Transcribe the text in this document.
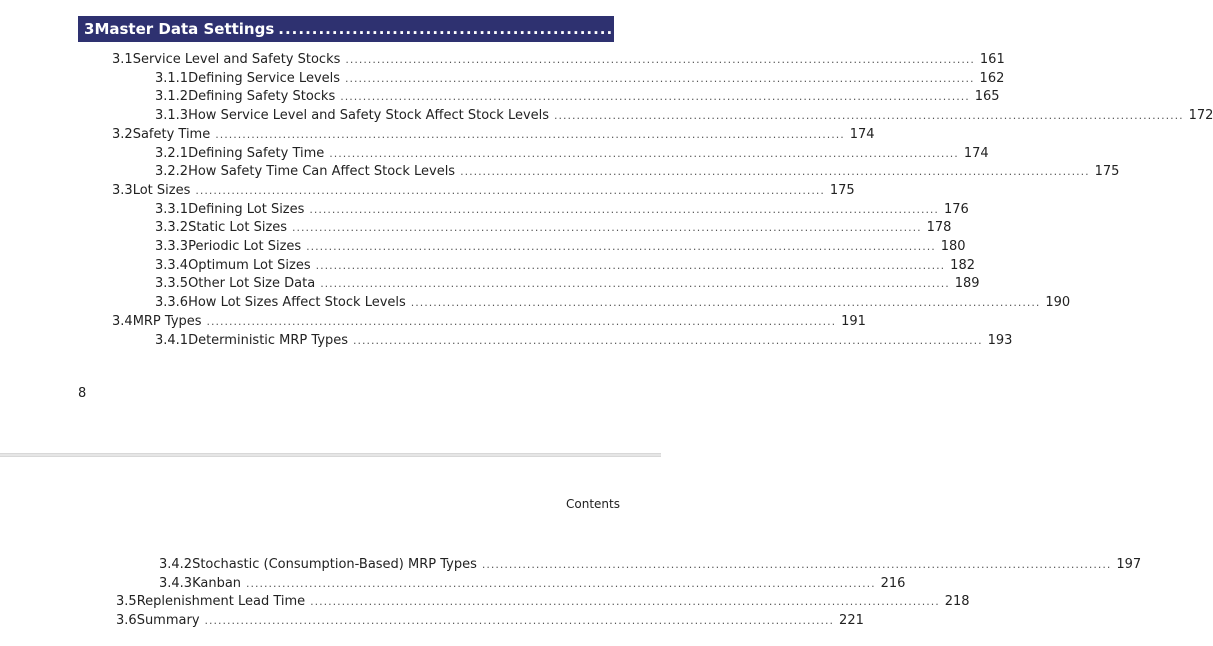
3 Master Data Settings .............................................................................................. 161
3.1 Service Level and Safety Stocks ............................................................................................................................................ 161
3.1.1 Defining Service Levels ............................................................................................................................................ 162
3.1.2 Defining Safety Stocks ............................................................................................................................................ 165
3.1.3 How Service Level and Safety Stock Affect Stock Levels ............................................................................................................................................ 172
3.2 Safety Time ............................................................................................................................................ 174
3.2.1 Defining Safety Time ............................................................................................................................................ 174
3.2.2 How Safety Time Can Affect Stock Levels ............................................................................................................................................ 175
3.3 Lot Sizes ............................................................................................................................................ 175
3.3.1 Defining Lot Sizes ............................................................................................................................................ 176
3.3.2 Static Lot Sizes ............................................................................................................................................ 178
3.3.3 Periodic Lot Sizes ............................................................................................................................................ 180
3.3.4 Optimum Lot Sizes ............................................................................................................................................ 182
3.3.5 Other Lot Size Data ............................................................................................................................................ 189
3.3.6 How Lot Sizes Affect Stock Levels ............................................................................................................................................ 190
3.4 MRP Types ............................................................................................................................................ 191
3.4.1 Deterministic MRP Types ............................................................................................................................................ 193
8
3.4.2 Stochastic (Consumption-Based) MRP Types ............................................................................................................................................ 197
3.4.3 Kanban ............................................................................................................................................ 216
3.5 Replenishment Lead Time ............................................................................................................................................ 218
3.6 Summary ............................................................................................................................................ 221
Contents
